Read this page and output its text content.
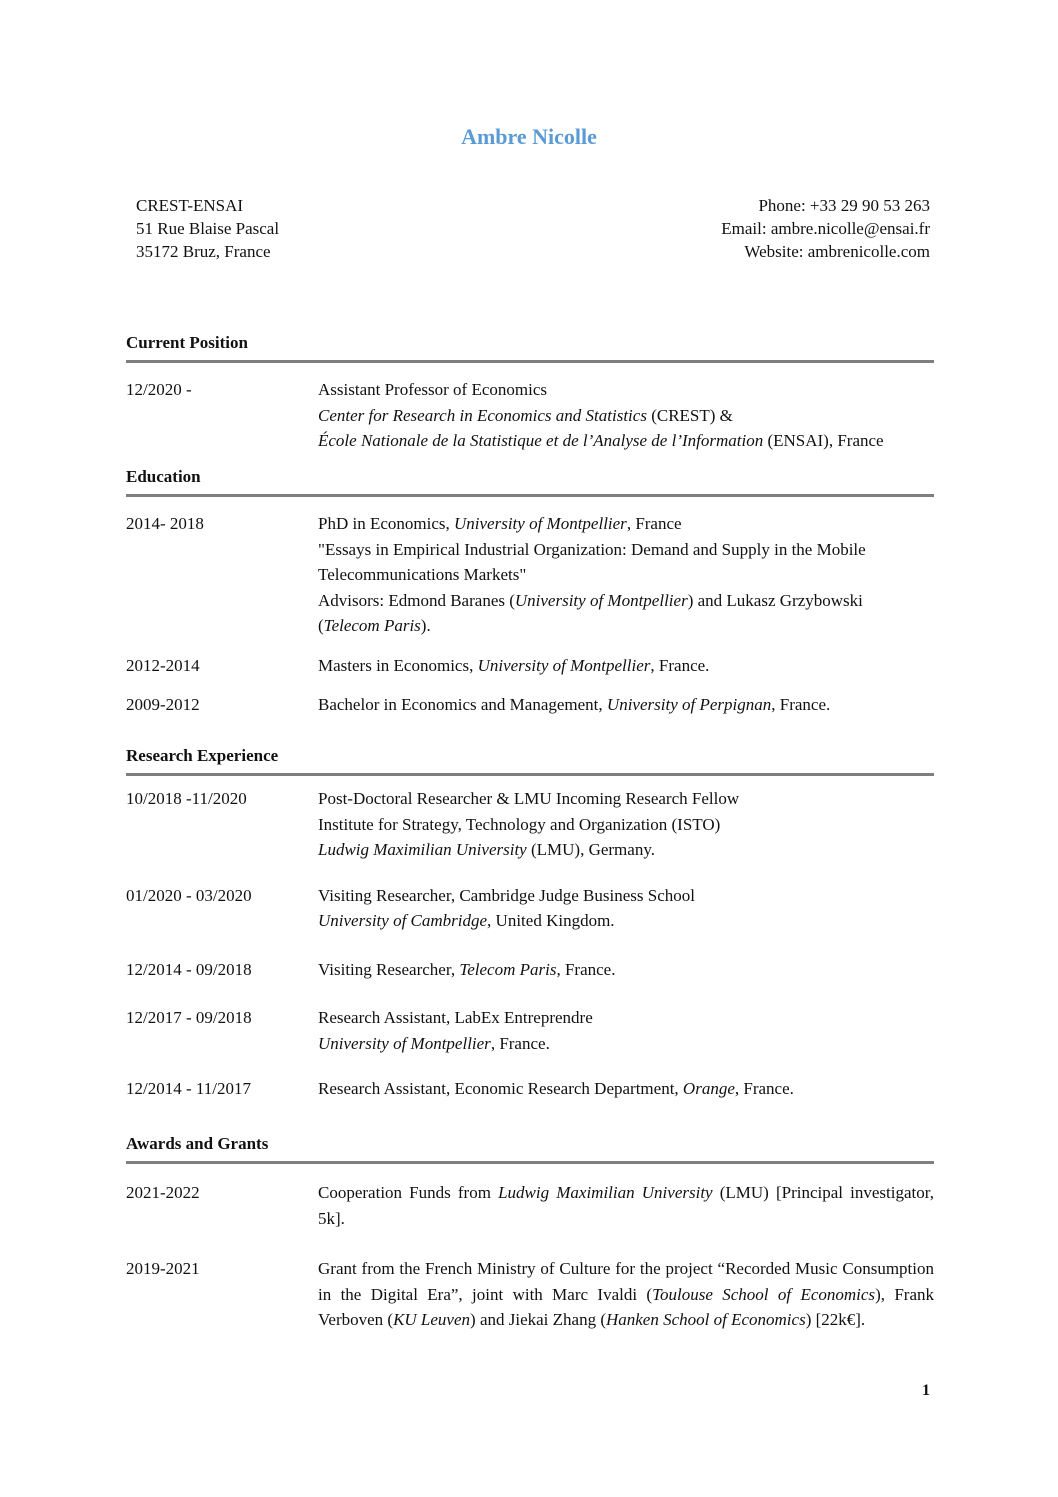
Ambre Nicolle
CREST-ENSAI
51 Rue Blaise Pascal
35172 Bruz, France
Phone: +33 29 90 53 263
Email: ambre.nicolle@ensai.fr
Website: ambrenicolle.com
Current Position
12/2020 -	Assistant Professor of Economics
Center for Research in Economics and Statistics (CREST) &
École Nationale de la Statistique et de l’Analyse de l’Information (ENSAI), France
Education
2014- 2018	PhD in Economics, University of Montpellier, France
"Essays in Empirical Industrial Organization: Demand and Supply in the Mobile
Telecommunications Markets"
Advisors: Edmond Baranes (University of Montpellier) and Lukasz Grzybowski
(Telecom Paris).
2012-2014	Masters in Economics, University of Montpellier, France.
2009-2012	Bachelor in Economics and Management, University of Perpignan, France.
Research Experience
10/2018 -11/2020	Post-Doctoral Researcher & LMU Incoming Research Fellow
Institute for Strategy, Technology and Organization (ISTO)
Ludwig Maximilian University (LMU), Germany.
01/2020 - 03/2020	Visiting Researcher, Cambridge Judge Business School
University of Cambridge, United Kingdom.
12/2014 - 09/2018	Visiting Researcher, Telecom Paris, France.
12/2017 - 09/2018	Research Assistant, LabEx Entreprendre
University of Montpellier, France.
12/2014 - 11/2017	Research Assistant, Economic Research Department, Orange, France.
Awards and Grants
2021-2022	Cooperation Funds from Ludwig Maximilian University (LMU) [Principal investigator, 5k].
2019-2021	Grant from the French Ministry of Culture for the project “Recorded Music Consumption in the Digital Era”, joint with Marc Ivaldi (Toulouse School of Economics), Frank Verboven (KU Leuven) and Jiekai Zhang (Hanken School of Economics) [22k€].
1
